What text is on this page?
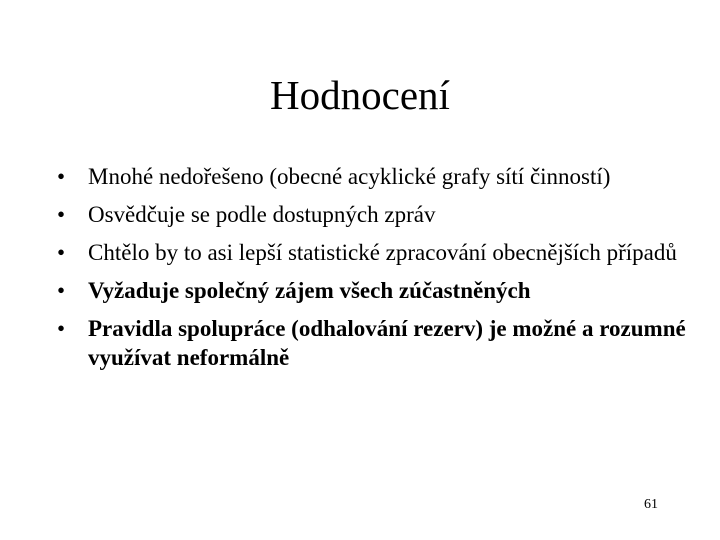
Hodnocení
• Mnohé nedořešeno (obecné acyklické grafy sítí činností)
• Osvědčuje se podle dostupných zpráv
• Chtělo by to asi lepší statistické zpracování obecnějších případů
• Vyžaduje společný zájem všech zúčastněných
• Pravidla spolupráce (odhalování rezerv) je možné a rozumné využívat neformálně
61
